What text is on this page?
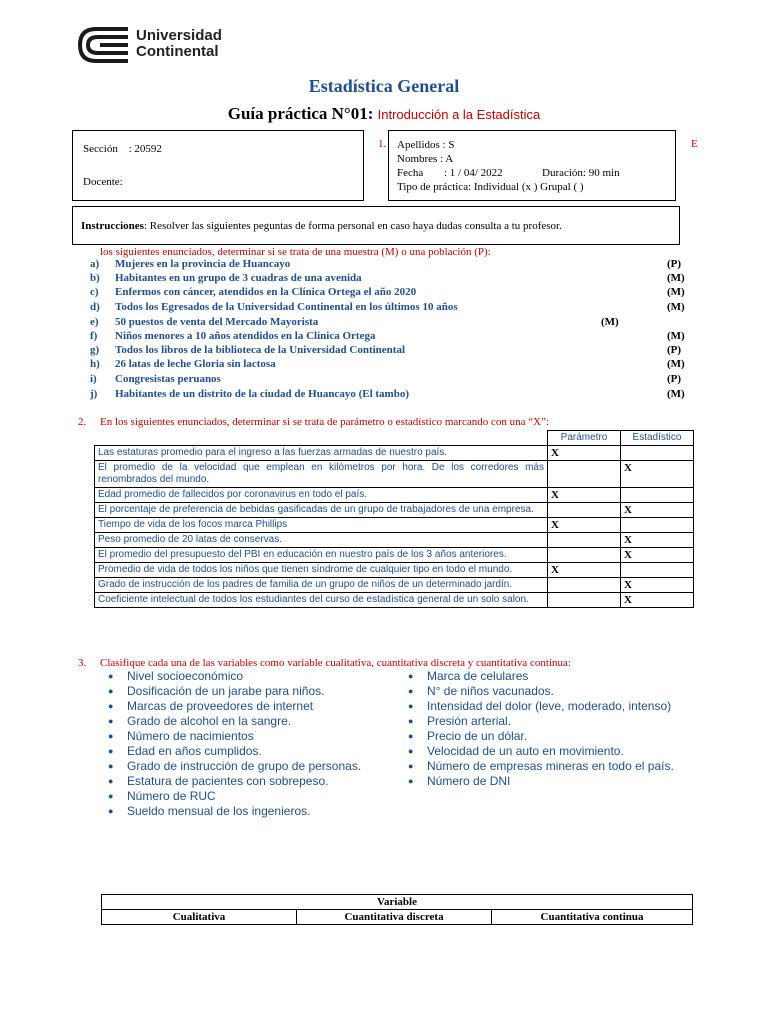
Universidad
Continental
Estadística General
Guía práctica N°01: Introducción a la Estadística
Sección : 20592
Docente:
1.	E
Apellidos : S
Nombres : A
Fecha : 1 / 04/ 2022	Duración: 90 min
Tipo de práctica: Individual (x ) Grupal ( )
Instrucciones: Resolver las siguientes peguntas de forma personal en caso haya dudas consulta a tu profesor.
los siguientes enunciados, determinar si se trata de una muestra (M) o una población (P):
a)	Mujeres en la provincia de Huancayo	(P)
b)	Habitantes en un grupo de 3 cuadras de una avenida	(M)
c)	Enfermos con cáncer, atendidos en la Clínica Ortega el año 2020	(M)
d)	Todos los Egresados de la Universidad Continental en los últimos 10 años	(M)
e)	50 puestos de venta del Mercado Mayorista	(M)
f)	Niños menores a 10 años atendidos en la Clínica Ortega	(M)
g)	Todos los libros de la biblioteca de la Universidad Continental	(P)
h)	26 latas de leche Gloria sin lactosa	(M)
i)	Congresistas peruanos	(P)
j)	Habitantes de un distrito de la ciudad de Huancayo (El tambo)	(M)
2. En los siguientes enunciados, determinar si se trata de parámetro o estadístico marcando con una “X”:
	Parámetro	Estadístico
Las estaturas promedio para el ingreso a las fuerzas armadas de nuestro país.	X	
El promedio de la velocidad que emplean en kilómetros por hora. De los corredores más renombrados del mundo.		X
Edad promedio de fallecidos por coronavirus en todo el país.	X	
El porcentaje de preferencia de bebidas gasificadas de un grupo de trabajadores de una empresa.		X
Tiempo de vida de los focos marca Phillips	X	
Peso promedio de 20 latas de conservas.		X
El promedio del presupuesto del PBI en educación en nuestro país de los 3 años anteriores.		X
Promedio de vida de todos los niños que tienen síndrome de cualquier tipo en todo el mundo.	X	
Grado de instrucción de los padres de familia de un grupo de niños de un determinado jardín.		X
Coeficiente intelectual de todos los estudiantes del curso de estadística general de un solo salon.		X
3. Clasifique cada una de las variables como variable cualitativa, cuantitativa discreta y cuantitativa continua:
● Nivel socioeconómico
● Dosificación de un jarabe para niños.
● Marcas de proveedores de internet
● Grado de alcohol en la sangre.
● Número de nacimientos
● Edad en años cumplidos.
● Grado de instrucción de grupo de personas.
● Estatura de pacientes con sobrepeso.
● Número de RUC
● Sueldo mensual de los ingenieros.
● Marca de celulares
● N° de niños vacunados.
● Intensidad del dolor (leve, moderado, intenso)
● Presión arterial.
● Precio de un dólar.
● Velocidad de un auto en movimiento.
● Número de empresas mineras en todo el país.
● Número de DNI
Variable
Cualitativa	Cuantitativa discreta	Cuantitativa continua
